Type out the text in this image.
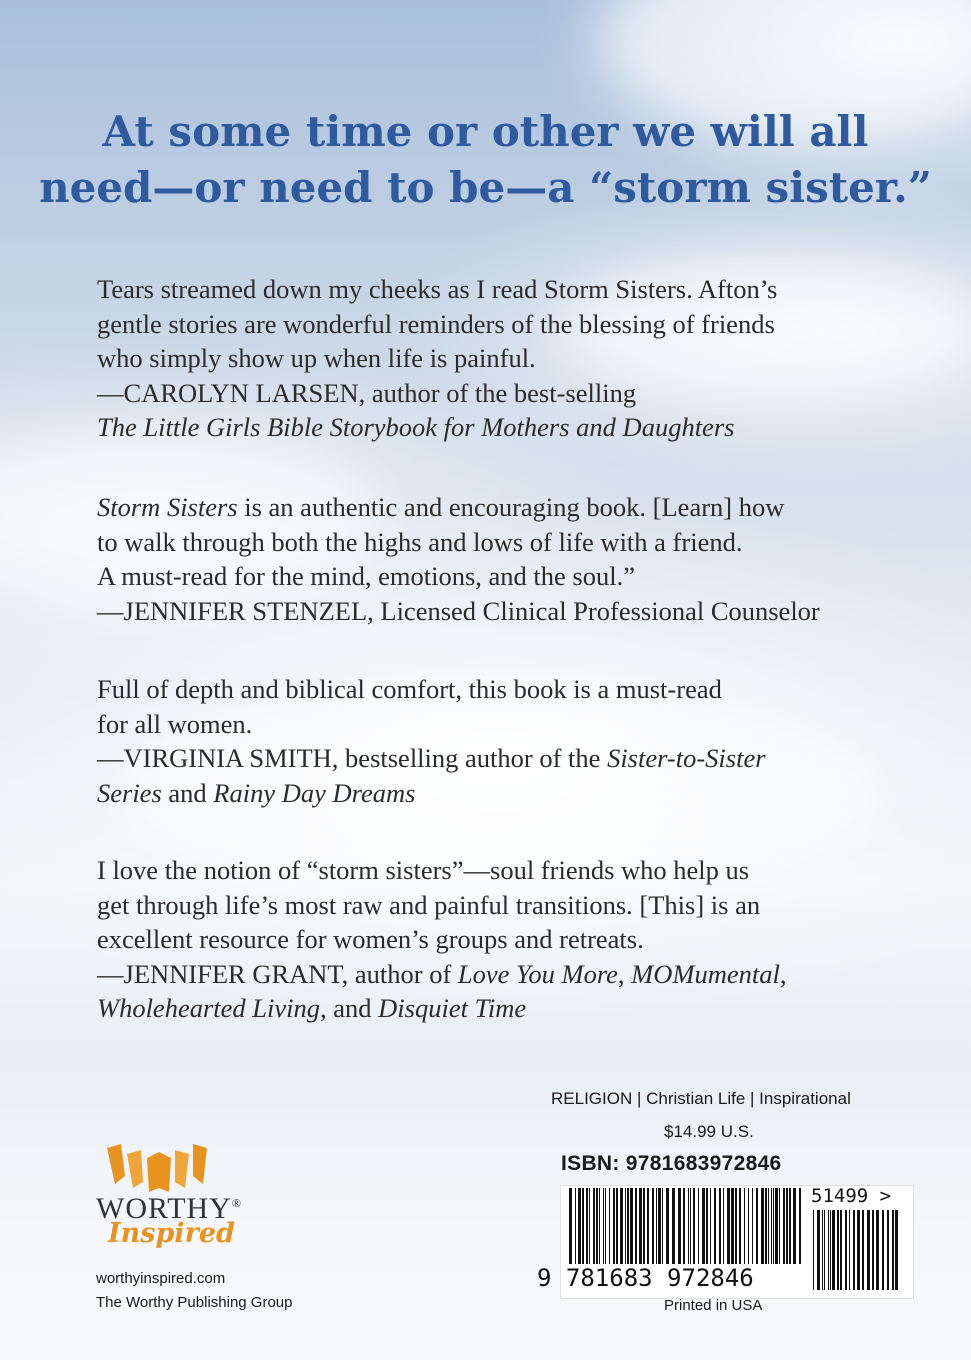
At some time or other we will all
need—or need to be—a “storm sister.”

Tears streamed down my cheeks as I read Storm Sisters. Afton’s
gentle stories are wonderful reminders of the blessing of friends
who simply show up when life is painful.
—CAROLYN LARSEN, author of the best-selling
The Little Girls Bible Storybook for Mothers and Daughters

Storm Sisters is an authentic and encouraging book. [Learn] how
to walk through both the highs and lows of life with a friend.
A must-read for the mind, emotions, and the soul.”
—JENNIFER STENZEL, Licensed Clinical Professional Counselor

Full of depth and biblical comfort, this book is a must-read
for all women.
—VIRGINIA SMITH, bestselling author of the Sister-to-Sister
Series and Rainy Day Dreams

I love the notion of “storm sisters”—soul friends who help us
get through life’s most raw and painful transitions. [This] is an
excellent resource for women’s groups and retreats.
—JENNIFER GRANT, author of Love You More, MOMumental,
Wholehearted Living, and Disquiet Time

RELIGION | Christian Life | Inspirational
$14.99 U.S.
ISBN: 9781683972846
9 781683 972846
51499 >
Printed in USA
WORTHY®
Inspired
worthyinspired.com
The Worthy Publishing Group
